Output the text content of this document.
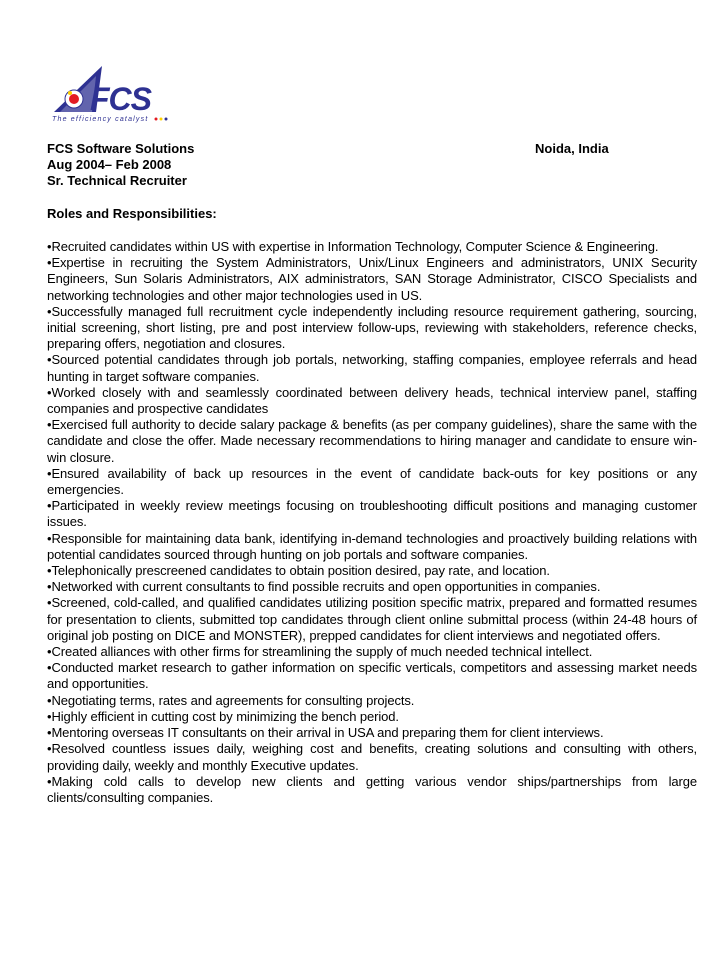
FCS
The efficiency catalyst
FCS Software Solutions	Noida, India
Aug 2004– Feb 2008
Sr. Technical Recruiter
Roles and Responsibilities:

•Recruited candidates within US with expertise in Information Technology, Computer Science & Engineering.

•Expertise in recruiting the System Administrators, Unix/Linux Engineers and administrators, UNIX Security Engineers, Sun Solaris Administrators, AIX administrators, SAN Storage Administrator, CISCO Specialists and networking technologies and other major technologies used in US.

•Successfully managed full recruitment cycle independently including resource requirement gathering, sourcing, initial screening, short listing, pre and post interview follow-ups, reviewing with stakeholders, reference checks, preparing offers, negotiation and closures.

•Sourced potential candidates through job portals, networking, staffing companies, employee referrals and head hunting in target software companies.

•Worked closely with and seamlessly coordinated between delivery heads, technical interview panel, staffing companies and prospective candidates

•Exercised full authority to decide salary package & benefits (as per company guidelines), share the same with the candidate and close the offer. Made necessary recommendations to hiring manager and candidate to ensure win-win closure.

•Ensured availability of back up resources in the event of candidate back-outs for key positions or any emergencies.

•Participated in weekly review meetings focusing on troubleshooting difficult positions and managing customer issues.

•Responsible for maintaining data bank, identifying in-demand technologies and proactively building relations with potential candidates sourced through hunting on job portals and software companies.

•Telephonically prescreened candidates to obtain position desired, pay rate, and location.

•Networked with current consultants to find possible recruits and open opportunities in companies.

•Screened, cold-called, and qualified candidates utilizing position specific matrix, prepared and formatted resumes for presentation to clients, submitted top candidates through client online submittal process (within 24-48 hours of original job posting on DICE and MONSTER), prepped candidates for client interviews and negotiated offers.

•Created alliances with other firms for streamlining the supply of much needed technical intellect.

•Conducted market research to gather information on specific verticals, competitors and assessing market needs and opportunities.

•Negotiating terms, rates and agreements for consulting projects.

•Highly efficient in cutting cost by minimizing the bench period.

•Mentoring overseas IT consultants on their arrival in USA and preparing them for client interviews.

•Resolved countless issues daily, weighing cost and benefits, creating solutions and consulting with others, providing daily, weekly and monthly Executive updates.

•Making cold calls to develop new clients and getting various vendor ships/partnerships from large clients/consulting companies.
